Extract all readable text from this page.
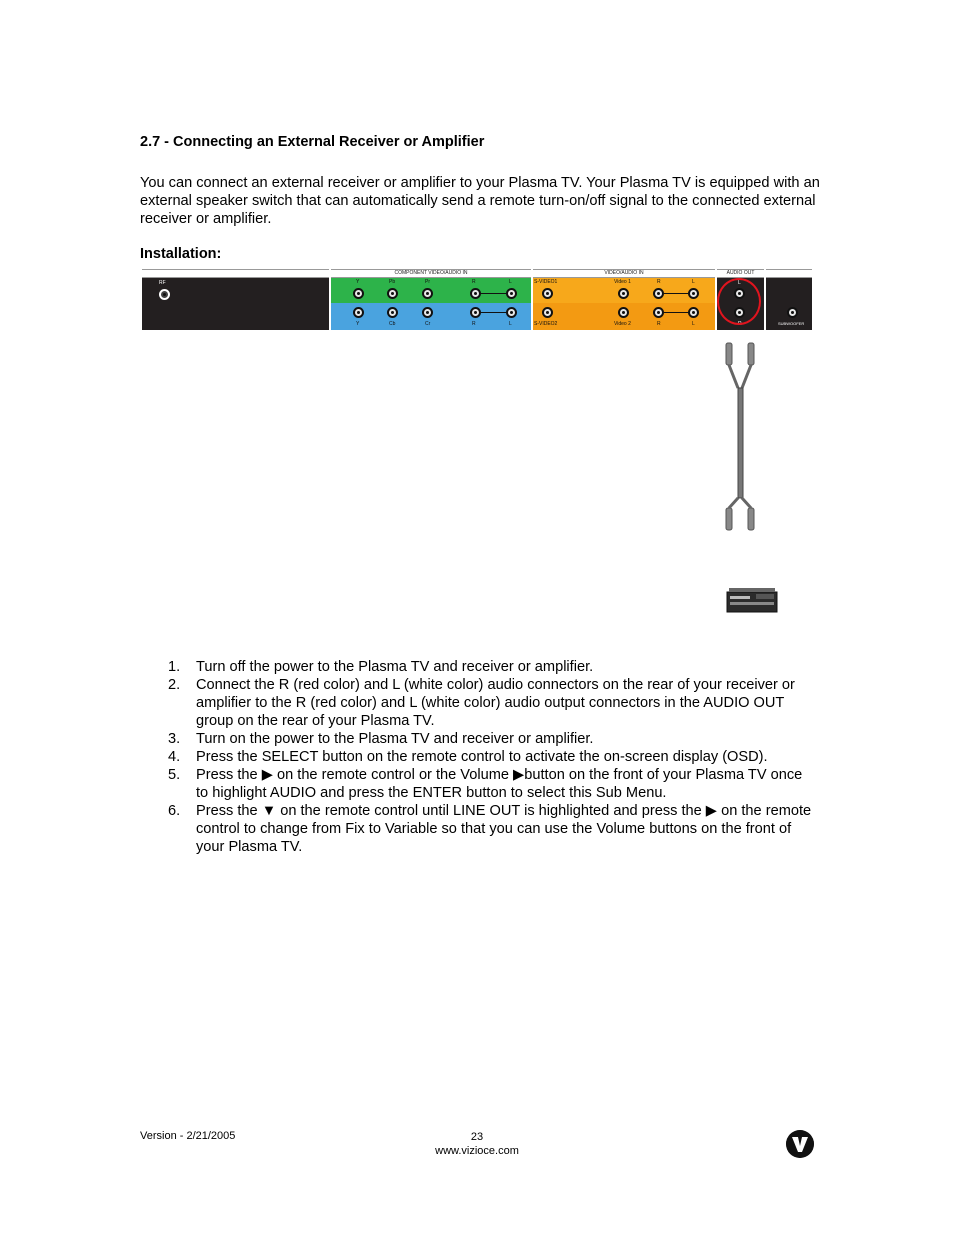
2.7 - Connecting an External Receiver or Amplifier
You can connect an external receiver or amplifier to your Plasma TV. Your Plasma TV is equipped with an external speaker switch that can automatically send a remote turn-on/off signal to the connected external receiver or amplifier.
Installation:
RF
COMPONENT VIDEO/AUDIO IN
Y	Pb	Pr	R	L
Y	Cb	Cr	R	L
VIDEO/AUDIO IN
S-VIDEO1	Video 1	R	L
S-VIDEO2	Video 2	R	L
AUDIO OUT
L
R	SUBWOOFER
1.	Turn off the power to the Plasma TV and receiver or amplifier.
2.	Connect the R (red color) and L (white color) audio connectors on the rear of your receiver or amplifier to the R (red color) and L (white color) audio output connectors in the AUDIO OUT group on the rear of your Plasma TV.
3.	Turn on the power to the Plasma TV and receiver or amplifier.
4.	Press the SELECT button on the remote control to activate the on-screen display (OSD).
5.	Press the ▶ on the remote control or the Volume ▶button on the front of your Plasma TV once to highlight AUDIO and press the ENTER button to select this Sub Menu.
6.	Press the ▼ on the remote control until LINE OUT is highlighted and press the ▶ on the remote control to change from Fix to Variable so that you can use the Volume buttons on the front of your Plasma TV.
Version - 2/21/2005	23
www.vizioce.com
